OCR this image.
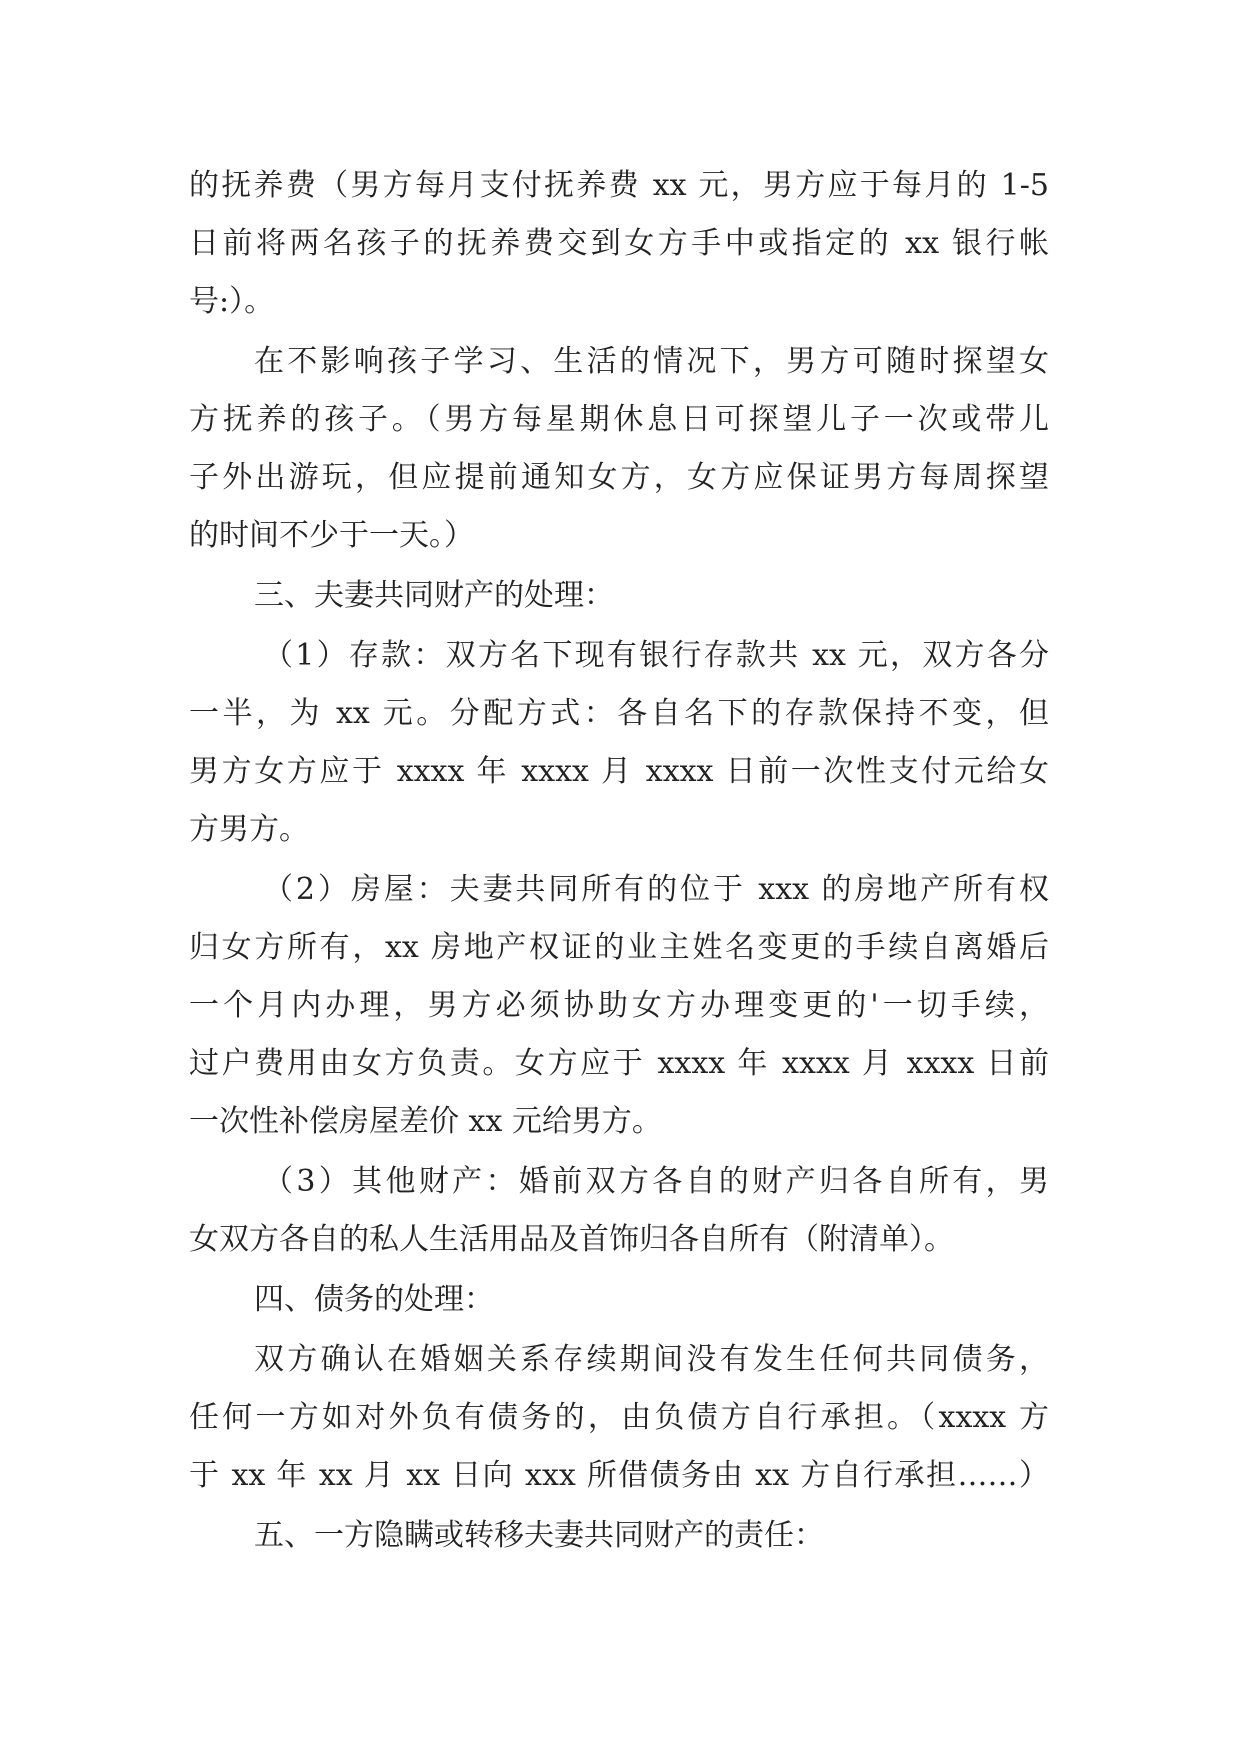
的抚养费（男方每月支付抚养费 xx 元，男方应于每月的 1-5
日前将两名孩子的抚养费交到女方手中或指定的 xx 银行帐
号:）。
在不影响孩子学习、生活的情况下，男方可随时探望女
方抚养的孩子。（男方每星期休息日可探望儿子一次或带儿
子外出游玩，但应提前通知女方，女方应保证男方每周探望
的时间不少于一天。）
三、夫妻共同财产的处理：
（1）存款：双方名下现有银行存款共 xx 元，双方各分
一半，为 xx 元。分配方式：各自名下的存款保持不变，但
男方女方应于 xxxx 年 xxxx 月 xxxx 日前一次性支付元给女
方男方。
（2）房屋：夫妻共同所有的位于 xxx 的房地产所有权
归女方所有，xx 房地产权证的业主姓名变更的手续自离婚后
一个月内办理，男方必须协助女方办理变更的'一切手续，
过户费用由女方负责。女方应于 xxxx 年 xxxx 月 xxxx 日前
一次性补偿房屋差价 xx 元给男方。
（3）其他财产：婚前双方各自的财产归各自所有，男
女双方各自的私人生活用品及首饰归各自所有（附清单）。
四、债务的处理：
双方确认在婚姻关系存续期间没有发生任何共同债务，
任何一方如对外负有债务的，由负债方自行承担。（xxxx 方
于 xx 年 xx 月 xx 日向 xxx 所借债务由 xx 方自行承担……）
五、一方隐瞒或转移夫妻共同财产的责任：
